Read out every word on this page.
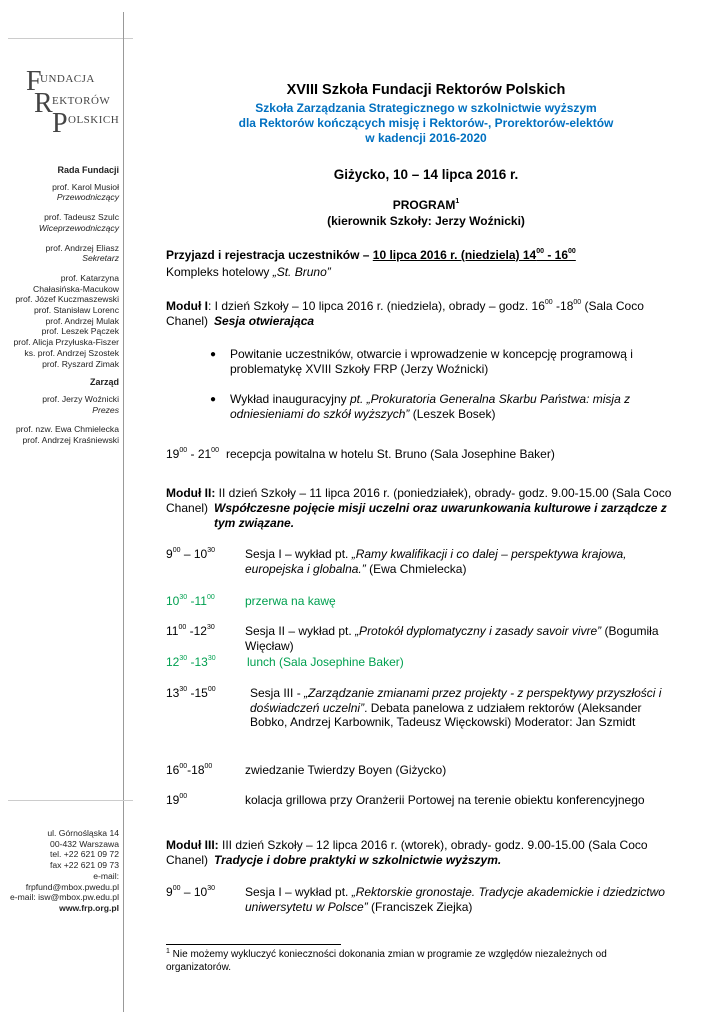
F
UNDACJA
R EKTORÓW
P OLSKICH
Rada Fundacji
prof. Karol Musioł
Przewodniczący
prof. Tadeusz Szulc
Wiceprzewodniczący
prof. Andrzej Eliasz
Sekretarz
prof. Katarzyna
Chałasińska-Macukow
prof. Józef Kuczmaszewski
prof. Stanisław Lorenc
prof. Andrzej Mulak
prof. Leszek Pączek
prof. Alicja Przyłuska-Fiszer
ks. prof. Andrzej Szostek
prof. Ryszard Zimak
Zarząd
prof. Jerzy Woźnicki
Prezes
prof. nzw. Ewa Chmielecka
prof. Andrzej Kraśniewski
ul. Górnośląska 14
00-432 Warszawa
tel. +22 621 09 72
fax +22 621 09 73
e-mail: frpfund@mbox.pwedu.pl
e-mail: isw@mbox.pw.edu.pl
www.frp.org.pl
XVIII Szkoła Fundacji Rektorów Polskich
Szkoła Zarządzania Strategicznego w szkolnictwie wyższym
dla Rektorów kończących misję i Rektorów-, Prorektorów-elektów
w kadencji 2016-2020
Giżycko, 10 – 14 lipca 2016 r.
PROGRAM$^1$
(kierownik Szkoły: Jerzy Woźnicki)
Przyjazd i rejestracja uczestników – 10 lipca 2016 r. (niedziela) $14^{00} - 16^{00}$
Kompleks hotelowy „St. Bruno”
Moduł I: I dzień Szkoły – 10 lipca 2016 r. (niedziela), obrady – godz. $16^{00}$ $-18^{00}$ (Sala Coco Chanel) Sesja otwierająca
● Powitanie uczestników, otwarcie i wprowadzenie w koncepcję programową i problematykę XVIII Szkoły FRP (Jerzy Woźnicki)
● Wykład inauguracyjny pt. „Prokuratoria Generalna Skarbu Państwa: misja z odniesieniami do szkół wyższych” (Leszek Bosek)
$19^{00} - 21^{00}$ recepcja powitalna w hotelu St. Bruno (Sala Josephine Baker)
Moduł II: II dzień Szkoły – 11 lipca 2016 r. (poniedziałek), obrady- godz. 9.00-15.00 (Sala Coco Chanel) Współczesne pojęcie misji uczelni oraz uwarunkowania kulturowe i zarządcze z tym związane.
$9^{00} - 10^{30}$	Sesja I – wykład pt. „Ramy kwalifikacji i co dalej – perspektywa krajowa, europejska i globalna.” (Ewa Chmielecka)
$10^{30}$ $-11^{00}$	przerwa na kawę
$11^{00}$ $-12^{30}$	Sesja II – wykład pt. „Protokół dyplomatyczny i zasady savoir vivre” (Bogumiła Więcław)
$12^{30}$ $-13^{30}$	lunch (Sala Josephine Baker)
$13^{30}$ $-15^{00}$	Sesja III - „Zarządzanie zmianami przez projekty - z perspektywy przyszłości i doświadczeń uczelni”. Debata panelowa z udziałem rektorów (Aleksander Bobko, Andrzej Karbownik, Tadeusz Więckowski) Moderator: Jan Szmidt
$16^{00}-18^{00}$	zwiedzanie Twierdzy Boyen (Giżycko)
$19^{00}$	kolacja grillowa przy Oranżerii Portowej na terenie obiektu konferencyjnego
Moduł III: III dzień Szkoły – 12 lipca 2016 r. (wtorek), obrady- godz. 9.00-15.00 (Sala Coco Chanel) Tradycje i dobre praktyki w szkolnictwie wyższym.
$9^{00} - 10^{30}$	Sesja I – wykład pt. „Rektorskie gronostaje. Tradycje akademickie i dziedzictwo uniwersytetu w Polsce” (Franciszek Ziejka)
$^1$ Nie możemy wykluczyć konieczności dokonania zmian w programie ze względów niezależnych od organizatorów.
